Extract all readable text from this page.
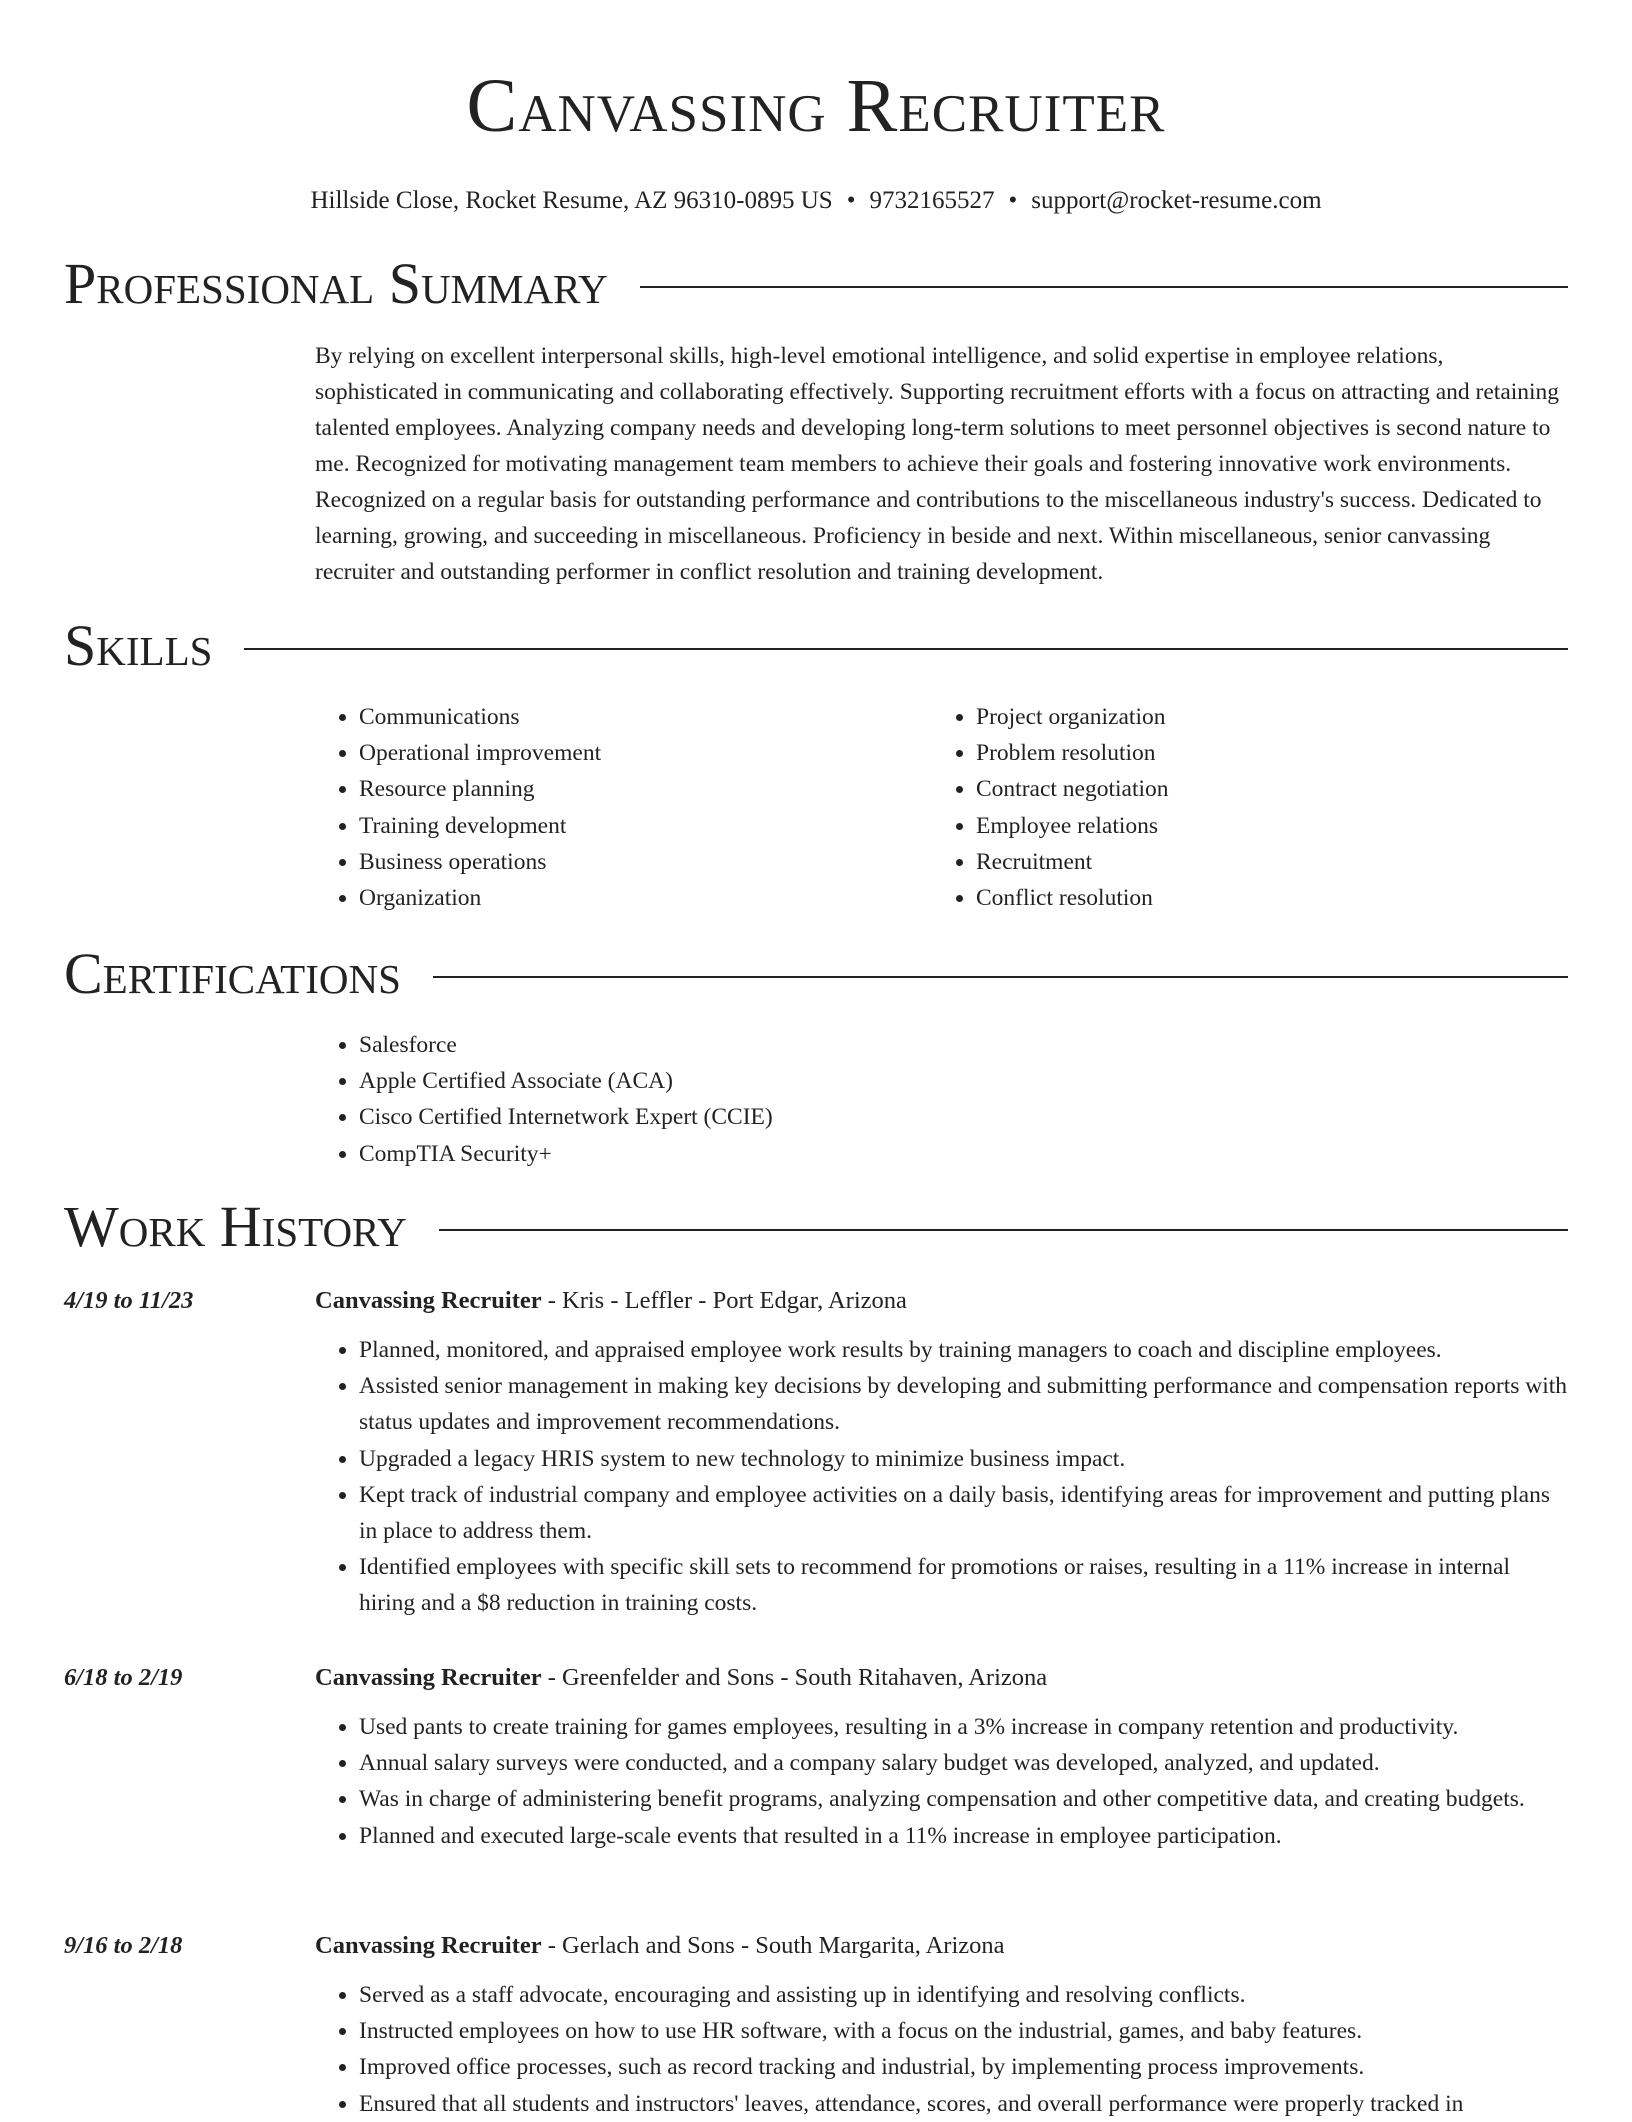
Canvassing Recruiter
Hillside Close, Rocket Resume, AZ 96310-0895 US • 9732165527 • support@rocket-resume.com
Professional Summary

By relying on excellent interpersonal skills, high-level emotional intelligence, and solid expertise in employee relations, sophisticated in communicating and collaborating effectively. Supporting recruitment efforts with a focus on attracting and retaining talented employees. Analyzing company needs and developing long-term solutions to meet personnel objectives is second nature to me. Recognized for motivating management team members to achieve their goals and fostering innovative work environments. Recognized on a regular basis for outstanding performance and contributions to the miscellaneous industry's success. Dedicated to learning, growing, and succeeding in miscellaneous. Proficiency in beside and next. Within miscellaneous, senior canvassing recruiter and outstanding performer in conflict resolution and training development.

Skills
• Communications
• Operational improvement
• Resource planning
• Training development
• Business operations
• Organization
• Project organization
• Problem resolution
• Contract negotiation
• Employee relations
• Recruitment
• Conflict resolution
Certifications
• Salesforce
• Apple Certified Associate (ACA)
• Cisco Certified Internetwork Expert (CCIE)
• CompTIA Security+
Work History
4/19 to 11/23	Canvassing Recruiter - Kris - Leffler - Port Edgar, Arizona
• Planned, monitored, and appraised employee work results by training managers to coach and discipline employees.
• Assisted senior management in making key decisions by developing and submitting performance and compensation reports with status updates and improvement recommendations.
• Upgraded a legacy HRIS system to new technology to minimize business impact.
• Kept track of industrial company and employee activities on a daily basis, identifying areas for improvement and putting plans in place to address them.
• Identified employees with specific skill sets to recommend for promotions or raises, resulting in a 11% increase in internal hiring and a $8 reduction in training costs.
6/18 to 2/19	Canvassing Recruiter - Greenfelder and Sons - South Ritahaven, Arizona
• Used pants to create training for games employees, resulting in a 3% increase in company retention and productivity.
• Annual salary surveys were conducted, and a company salary budget was developed, analyzed, and updated.
• Was in charge of administering benefit programs, analyzing compensation and other competitive data, and creating budgets.
• Planned and executed large-scale events that resulted in a 11% increase in employee participation.
9/16 to 2/18	Canvassing Recruiter - Gerlach and Sons - South Margarita, Arizona
• Served as a staff advocate, encouraging and assisting up in identifying and resolving conflicts.
• Instructed employees on how to use HR software, with a focus on the industrial, games, and baby features.
• Improved office processes, such as record tracking and industrial, by implementing process improvements.
• Ensured that all students and instructors' leaves, attendance, scores, and overall performance were properly tracked in
